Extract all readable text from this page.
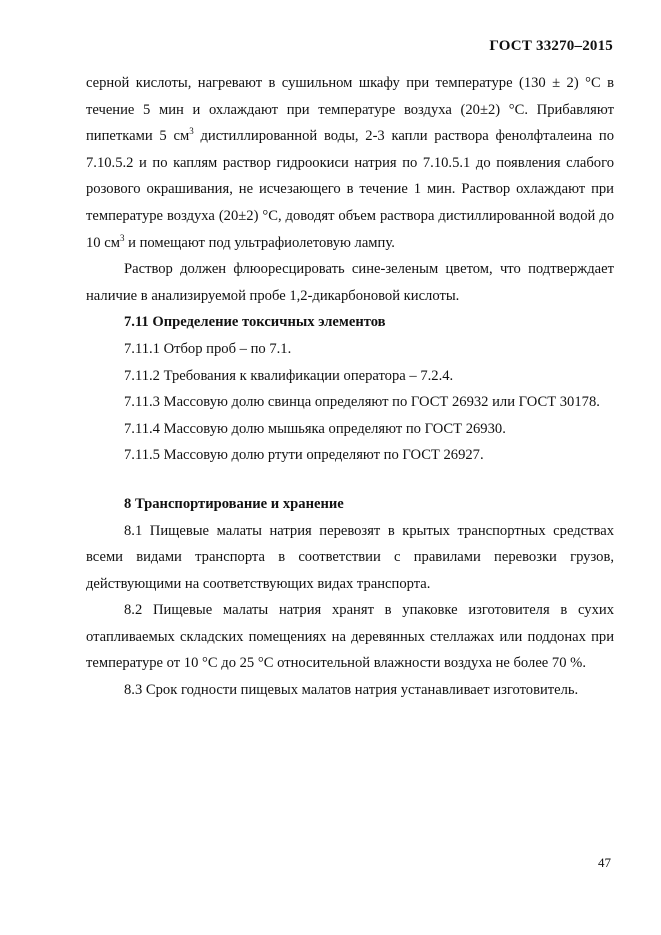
ГОСТ 33270–2015

серной кислоты, нагревают в сушильном шкафу при температуре (130 ± 2) °С в течение 5 мин и охлаждают при температуре воздуха (20±2) °С. Прибавляют пипетками 5 $см^3$ дистиллированной воды, 2-3 капли раствора фенолфталеина по 7.10.5.2 и по каплям раствор гидроокиси натрия по 7.10.5.1 до появления слабого розового окрашивания, не исчезающего в течение 1 мин. Раствор охлаждают при температуре воздуха (20±2) °С, доводят объем раствора дистиллированной водой до 10 $см^3$ и помещают под ультрафиолетовую лампу.

Раствор должен флюоресцировать сине-зеленым цветом, что подтверждает наличие в анализируемой пробе 1,2-дикарбоновой кислоты.

7.11 Определение токсичных элементов

7.11.1 Отбор проб – по 7.1.

7.11.2 Требования к квалификации оператора – 7.2.4.

7.11.3 Массовую долю свинца определяют по ГОСТ 26932 или ГОСТ 30178.

7.11.4 Массовую долю мышьяка определяют по ГОСТ 26930.

7.11.5 Массовую долю ртути определяют по ГОСТ 26927.

8 Транспортирование и хранение

8.1 Пищевые малаты натрия перевозят в крытых транспортных средствах всеми видами транспорта в соответствии с правилами перевозки грузов, действующими на соответствующих видах транспорта.

8.2 Пищевые малаты натрия хранят в упаковке изготовителя в сухих отапливаемых складских помещениях на деревянных стеллажах или поддонах при температуре от 10 °С до 25 °С относительной влажности воздуха не более 70 %.

8.3 Срок годности пищевых малатов натрия устанавливает изготовитель.

47
